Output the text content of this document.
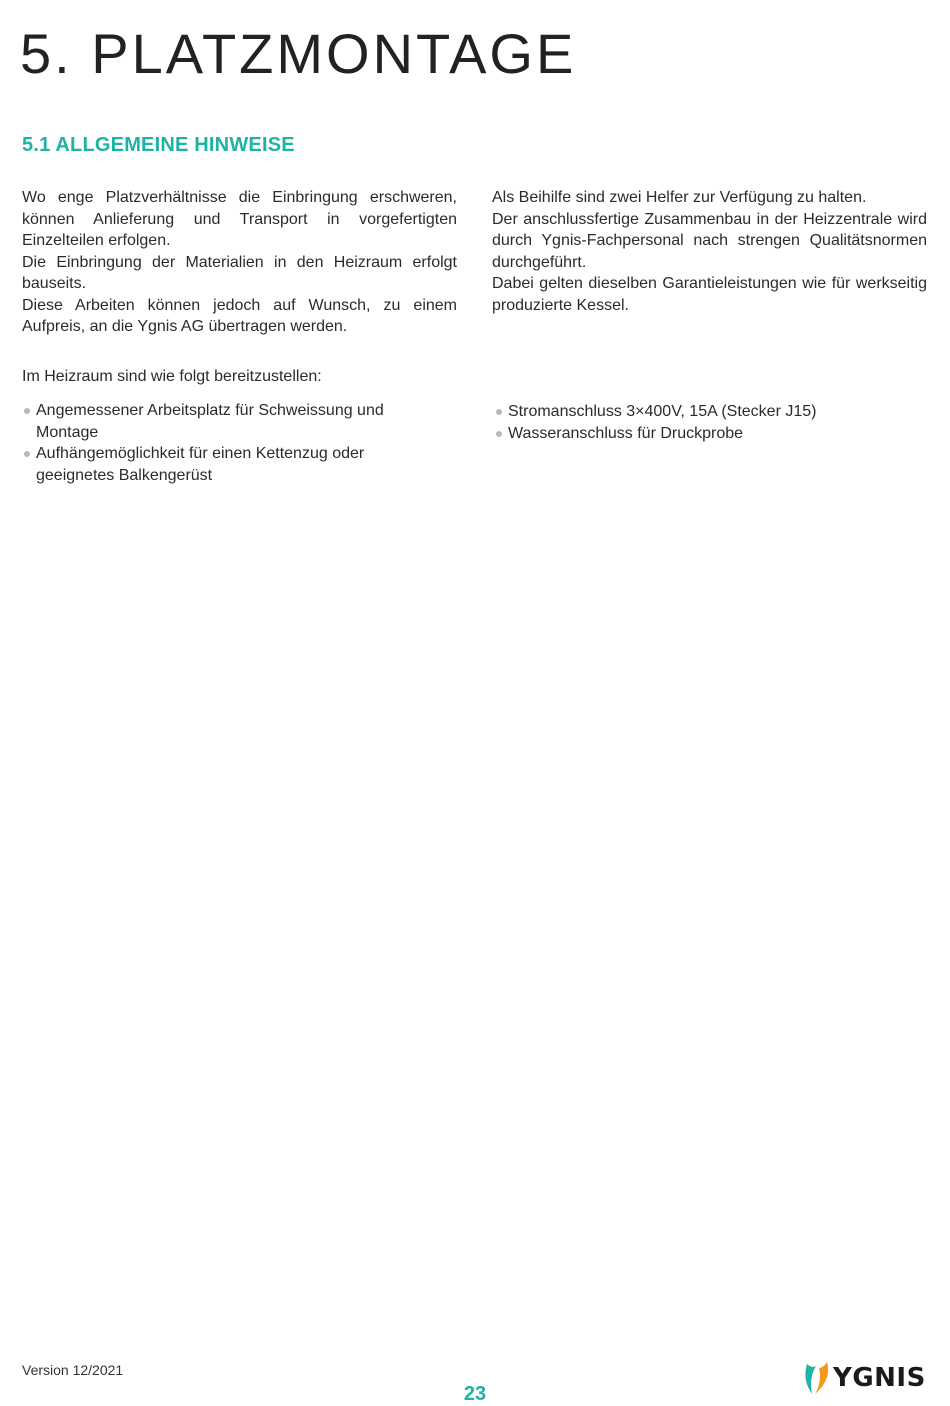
5. PLATZMONTAGE
5.1 ALLGEMEINE HINWEISE

Wo enge Platzverhältnisse die Einbringung erschweren, können Anlieferung und Transport in vorgefertigten Einzelteilen erfolgen.

Die Einbringung der Materialien in den Heizraum erfolgt bauseits.

Diese Arbeiten können jedoch auf Wunsch, zu einem Aufpreis, an die Ygnis AG übertragen werden.

Als Beihilfe sind zwei Helfer zur Verfügung zu halten.

Der anschlussfertige Zusammenbau in der Heizzentrale wird durch Ygnis-Fachpersonal nach strengen Qualitätsnormen durchgeführt.

Dabei gelten dieselben Garantieleistungen wie für werkseitig produzierte Kessel.

Im Heizraum sind wie folgt bereitzustellen:
Angemessener Arbeitsplatz für Schweissung und Montage
Aufhängemöglichkeit für einen Kettenzug oder geeignetes Balkengerüst
Stromanschluss 3×400V, 15A (Stecker J15)
Wasseranschluss für Druckprobe
Version 12/2021
23
YGNIS
